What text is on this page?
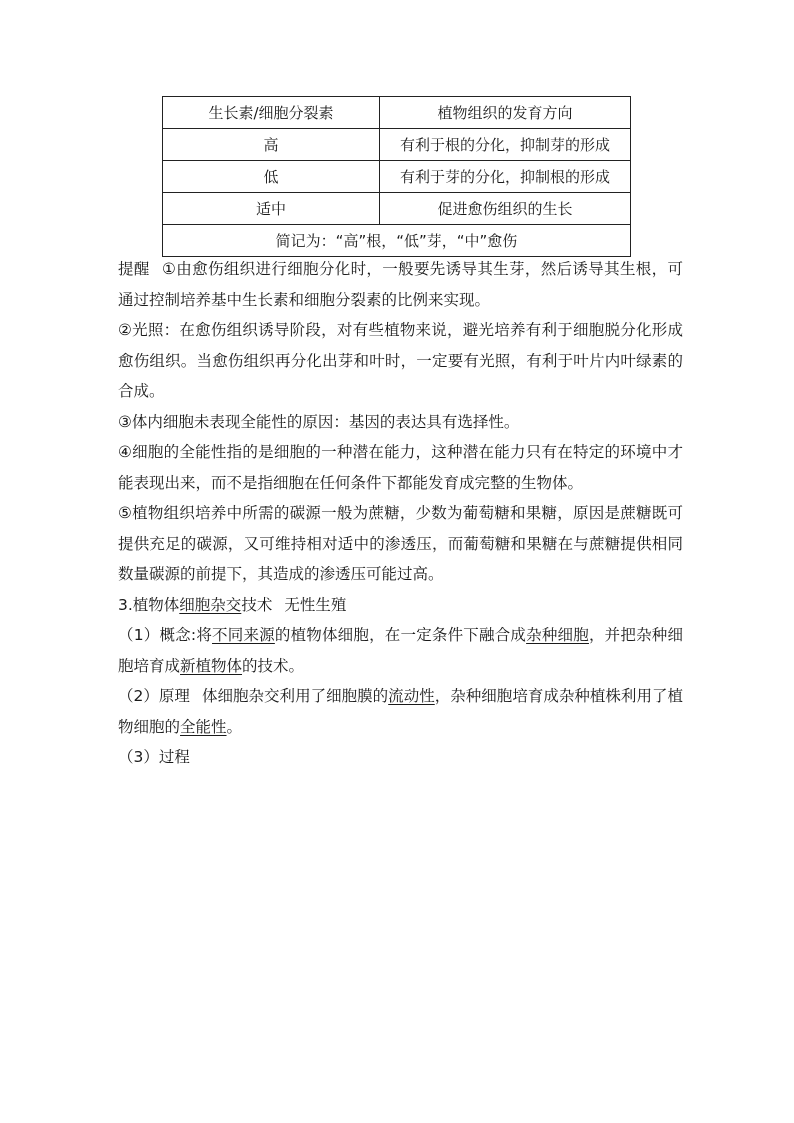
生长素/细胞分裂素	植物组织的发育方向
高	有利于根的分化，抑制芽的形成
低	有利于芽的分化，抑制根的形成
适中	促进愈伤组织的生长
简记为：“高”根，“低”芽，“中”愈伤	

提醒 ①由愈伤组织进行细胞分化时，一般要先诱导其生芽，然后诱导其生根，可通过控制培养基中生长素和细胞分裂素的比例来实现。

②光照：在愈伤组织诱导阶段，对有些植物来说，避光培养有利于细胞脱分化形成愈伤组织。当愈伤组织再分化出芽和叶时，一定要有光照，有利于叶片内叶绿素的合成。

③体内细胞未表现全能性的原因：基因的表达具有选择性。

④细胞的全能性指的是细胞的一种潜在能力，这种潜在能力只有在特定的环境中才能表现出来，而不是指细胞在任何条件下都能发育成完整的生物体。

⑤植物组织培养中所需的碳源一般为蔗糖，少数为葡萄糖和果糖，原因是蔗糖既可提供充足的碳源，又可维持相对适中的渗透压，而葡萄糖和果糖在与蔗糖提供相同数量碳源的前提下，其造成的渗透压可能过高。

3.植物体细胞杂交技术 无性生殖

（1）概念:将不同来源的植物体细胞，在一定条件下融合成杂种细胞，并把杂种细胞培育成新植物体的技术。

（2）原理 体细胞杂交利用了细胞膜的流动性，杂种细胞培育成杂种植株利用了植物细胞的全能性。

（3）过程
